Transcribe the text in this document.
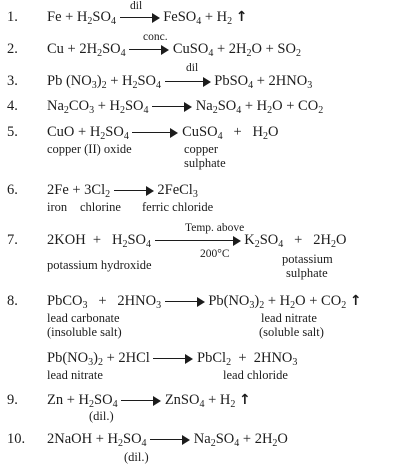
1. $Fe + H_2SO_4$	FeSO$_4$ + $H_2$ ↑
dil
2. $Cu + 2H_2SO_4$	CuSO$_4$ + $2H_2O + SO_2$
conc.
3. Pb $(NO_3)_2 + H_2SO_4$	PbSO$_4$ + $2HNO_3$
dil
4. $Na_2CO_3 + H_2SO_4$	$Na_2SO_4 + H_2O + CO_2$
5. CuO + $H_2SO_4$	CuSO$_4$   +   $H_2O$
copper (II) oxide	copper
sulphate
6. $2Fe + 3Cl_2$	2FeCl$_3$
iron chlorine ferric chloride
7. $2KOH + H_2SO_4$	$K_2SO_4 + 2H_2O$
Temp. above
200°C
potassium hydroxide	potassium
sulphate
8. PbCO$_3$   +   $2HNO_3$	$Pb(NO_3)_2 + H_2O + CO_2$ ↑
lead carbonate
(insoluble salt)
lead nitrate
(soluble salt)
$Pb(NO_3)_2 + 2HCl$	PbCl$_2$  +  $2HNO_3$
lead nitrate	lead chloride
9. $Zn + H_2SO_4$	ZnSO$_4$ + $H_2$ ↑
(dil.)
10. 2NaOH + $H_2SO_4$	$Na_2SO_4 + 2H_2O$
(dil.)
